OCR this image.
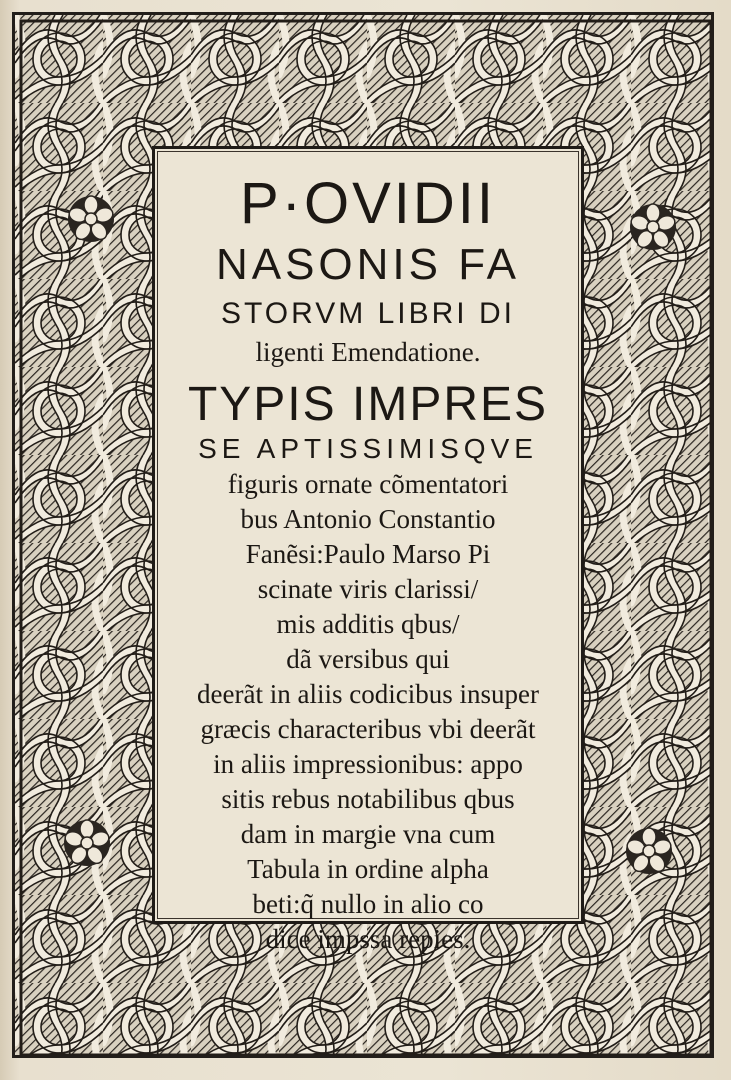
P·OVIDII
NASONIS FA
STORVM LIBRI DI
ligenti Emendatione.
TYPIS IMPRES
SE APTISSIMISQVE
figuris ornate cõmentatori
bus Antonio Constantio
Fanẽsi:Paulo Marso Pi
scinate viris clarissi/
mis additis qbus/
dã versibus qui
deerãt in aliis codicibus insuper
græcis characteribus vbi deerãt
in aliis impressionibus: appo
sitis rebus notabilibus qbus
dam in margie vna cum
Tabula in ordine alpha
beti:q̃ nullo in alio co
dice impssa repies.
